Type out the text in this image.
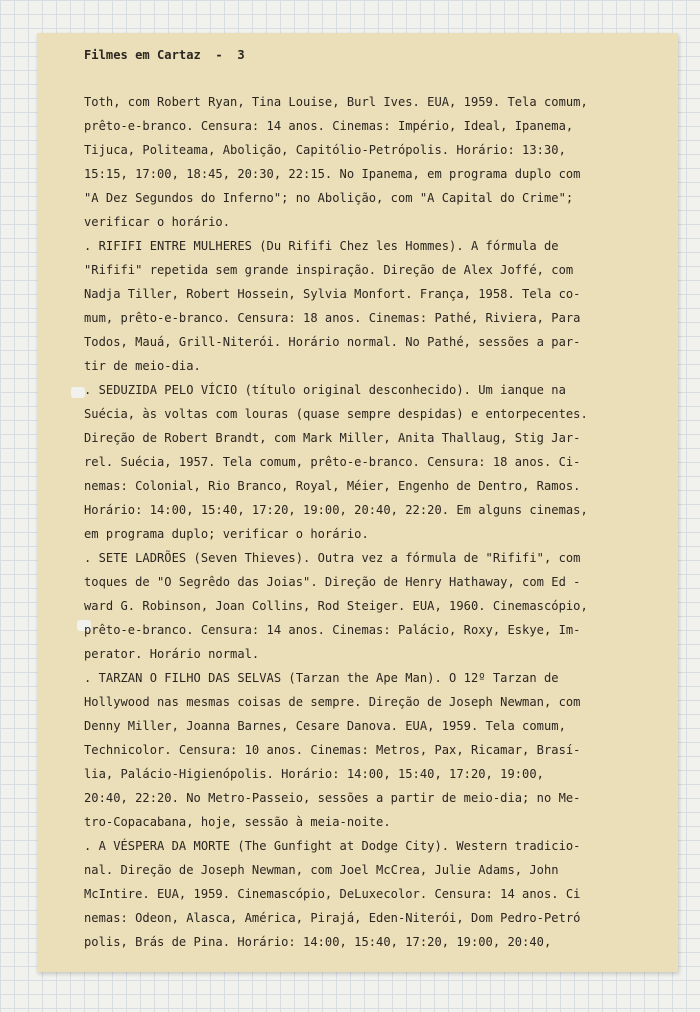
Filmes em Cartaz  -  3
Toth, com Robert Ryan, Tina Louise, Burl Ives. EUA, 1959. Tela comum,
prêto-e-branco. Censura: 14 anos. Cinemas: Império, Ideal, Ipanema,
Tijuca, Politeama, Abolição, Capitólio-Petrópolis. Horário: 13:30,
15:15, 17:00, 18:45, 20:30, 22:15. No Ipanema, em programa duplo com
"A Dez Segundos do Inferno"; no Abolição, com "A Capital do Crime";
verificar o horário.
. RIFIFI ENTRE MULHERES (Du Rififi Chez les Hommes). A fórmula de
"Rififi" repetida sem grande inspiração. Direção de Alex Joffé, com
Nadja Tiller, Robert Hossein, Sylvia Monfort. França, 1958. Tela co-
mum, prêto-e-branco. Censura: 18 anos. Cinemas: Pathé, Riviera, Para
Todos, Mauá, Grill-Niterói. Horário normal. No Pathé, sessões a par-
tir de meio-dia.
. SEDUZIDA PELO VÍCIO (título original desconhecido). Um ianque na
Suécia, às voltas com louras (quase sempre despidas) e entorpecentes.
Direção de Robert Brandt, com Mark Miller, Anita Thallaug, Stig Jar-
rel. Suécia, 1957. Tela comum, prêto-e-branco. Censura: 18 anos. Ci-
nemas: Colonial, Rio Branco, Royal, Méier, Engenho de Dentro, Ramos.
Horário: 14:00, 15:40, 17:20, 19:00, 20:40, 22:20. Em alguns cinemas,
em programa duplo; verificar o horário.
. SETE LADRÕES (Seven Thieves). Outra vez a fórmula de "Rififi", com
toques de "O Segrêdo das Joias". Direção de Henry Hathaway, com Ed -
ward G. Robinson, Joan Collins, Rod Steiger. EUA, 1960. Cinemascópio,
prêto-e-branco. Censura: 14 anos. Cinemas: Palácio, Roxy, Eskye, Im-
perator. Horário normal.
. TARZAN O FILHO DAS SELVAS (Tarzan the Ape Man). O 12º Tarzan de
Hollywood nas mesmas coisas de sempre. Direção de Joseph Newman, com
Denny Miller, Joanna Barnes, Cesare Danova. EUA, 1959. Tela comum,
Technicolor. Censura: 10 anos. Cinemas: Metros, Pax, Ricamar, Brasí-
lia, Palácio-Higienópolis. Horário: 14:00, 15:40, 17:20, 19:00,
20:40, 22:20. No Metro-Passeio, sessões a partir de meio-dia; no Me-
tro-Copacabana, hoje, sessão à meia-noite.
. A VÉSPERA DA MORTE (The Gunfight at Dodge City). Western tradicio-
nal. Direção de Joseph Newman, com Joel McCrea, Julie Adams, John
McIntire. EUA, 1959. Cinemascópio, DeLuxecolor. Censura: 14 anos. Ci
nemas: Odeon, Alasca, América, Pirajá, Eden-Niterói, Dom Pedro-Petró
polis, Brás de Pina. Horário: 14:00, 15:40, 17:20, 19:00, 20:40,
